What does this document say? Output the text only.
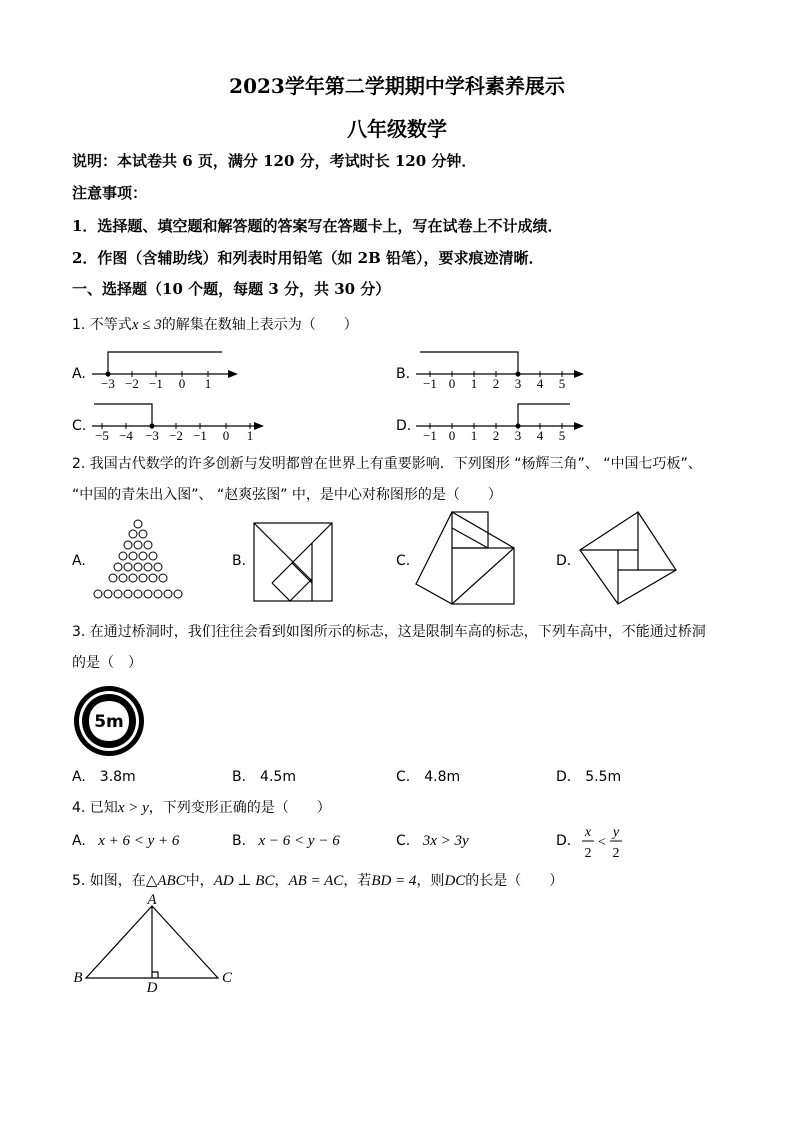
2023学年第二学期期中学科素养展示
八年级数学
说明：本试卷共 6 页，满分 120 分，考试时长 120 分钟．
注意事项：
1．选择题、填空题和解答题的答案写在答题卡上，写在试卷上不计成绩．
2．作图（含辅助线）和列表时用铅笔（如 2B 铅笔），要求痕迹清晰．
一、选择题（10 个题，每题 3 分，共 30 分）
1. 不等式x ≤ 3的解集在数轴上表示为（　　）
A.
−3 −2 −1 0 1
B.
−1 0 1 2 3 4 5
C.
−5 −4 −3 −2 −1 0 1
D.
−1 0 1 2 3 4 5
2. 我国古代数学的许多创新与发明都曾在世界上有重要影响．下列图形 “杨辉三角”、 “中国七巧板”、
“中国的青朱出入图”、 “赵爽弦图” 中，是中心对称图形的是（　　）
A.	B.	C.	D.
3. 在通过桥洞时，我们往往会看到如图所示的标志，这是限制车高的标志，下列车高中，不能通过桥洞
的是（　）
5m
A.　3.8m	B.　4.5m	C.　4.8m	D.　5.5m
4. 已知x > y，下列变形正确的是（　　）
A. x + 6 < y + 6	B. x − 6 < y − 6	C. 3x > 3y	D.
x
2
<
y
2
5. 如图，在△ABC中，AD ⊥ BC，AB = AC，若BD = 4，则DC的长是（　　）
A
B	C
D
